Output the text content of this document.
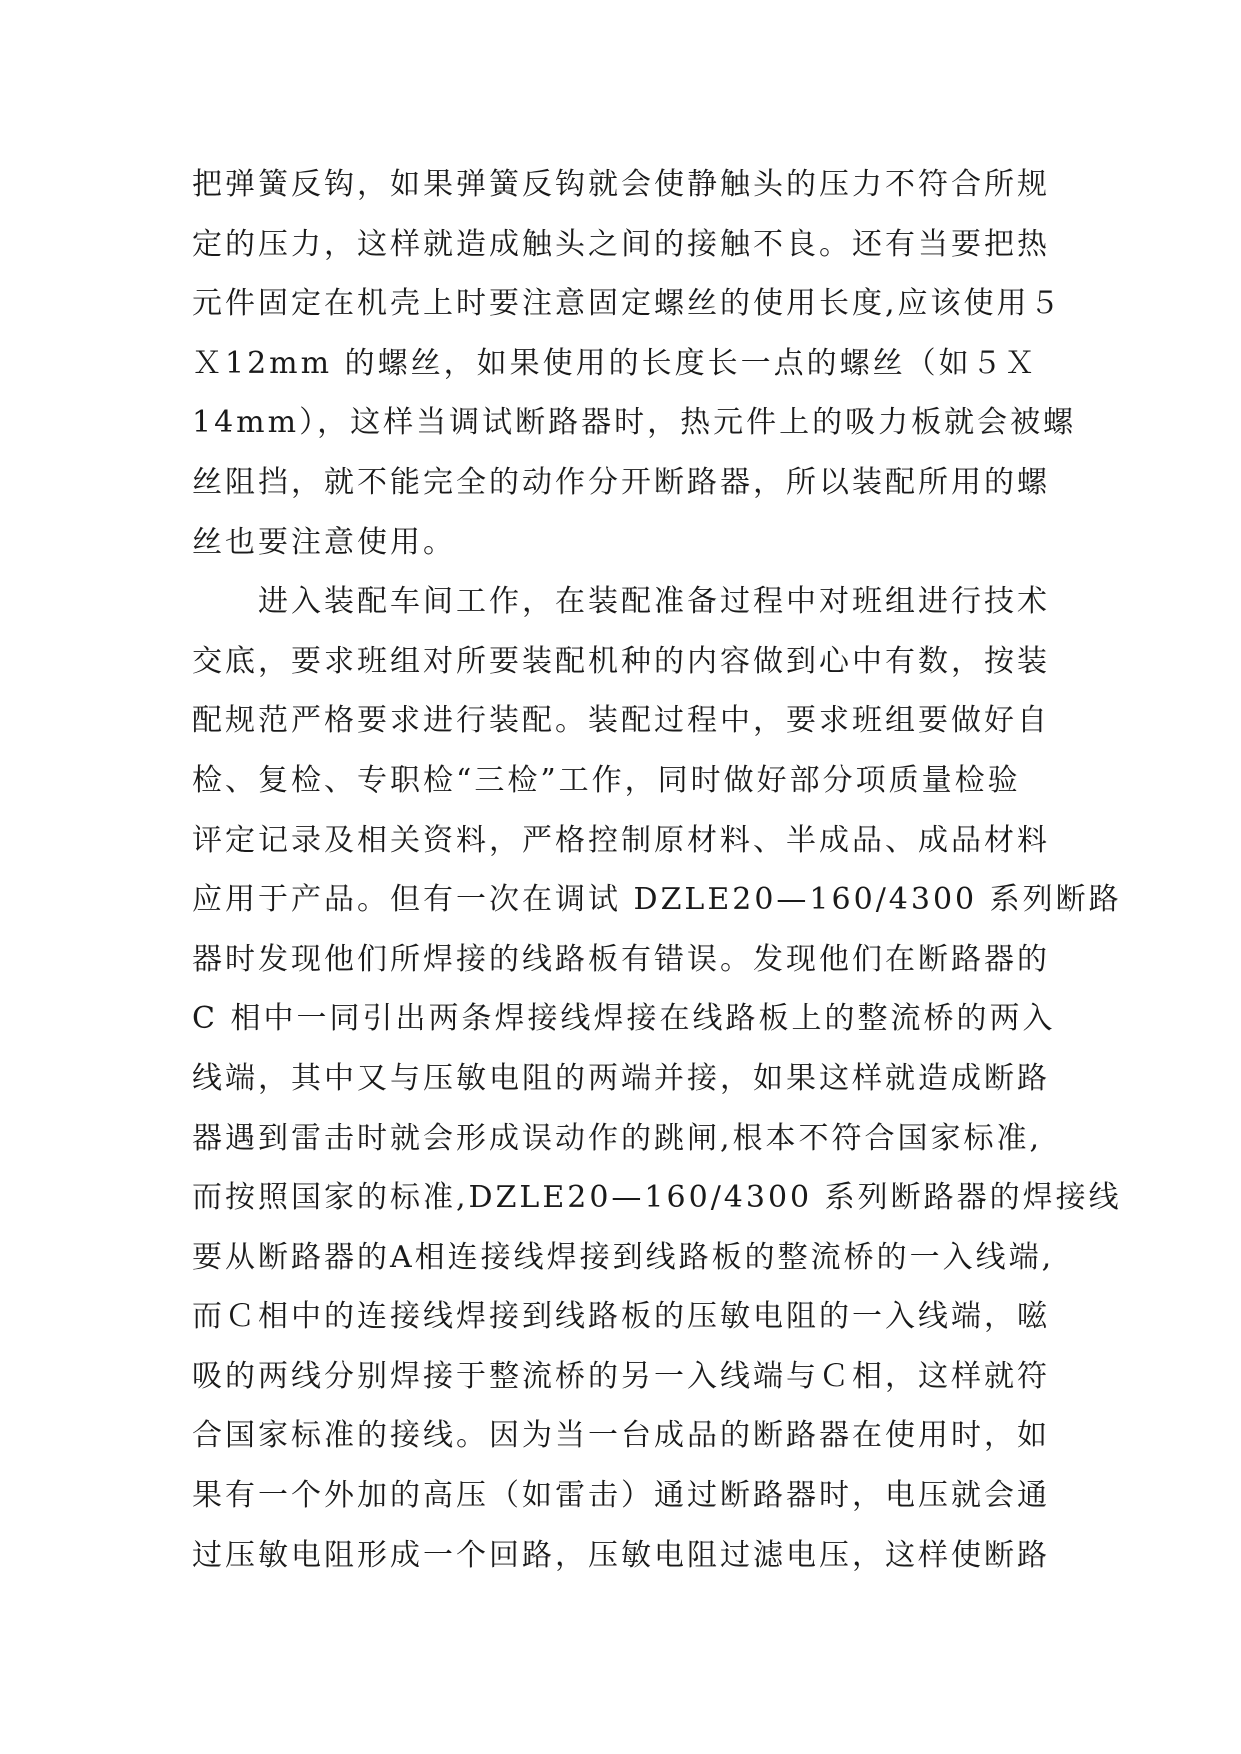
把弹簧反钩，如果弹簧反钩就会使静触头的压力不符合所规
定的压力，这样就造成触头之间的接触不良。还有当要把热
元件固定在机壳上时要注意固定螺丝的使用长度,应该使用５
Ｘ12mm 的螺丝，如果使用的长度长一点的螺丝（如５Ｘ
14mm），这样当调试断路器时，热元件上的吸力板就会被螺
丝阻挡，就不能完全的动作分开断路器，所以装配所用的螺
丝也要注意使用。
进入装配车间工作，在装配准备过程中对班组进行技术
交底，要求班组对所要装配机种的内容做到心中有数，按装
配规范严格要求进行装配。装配过程中，要求班组要做好自
检、复检、专职检“三检”工作，同时做好部分项质量检验
评定记录及相关资料，严格控制原材料、半成品、成品材料
应用于产品。但有一次在调试 DZLE20—160/4300 系列断路
器时发现他们所焊接的线路板有错误。发现他们在断路器的
C 相中一同引出两条焊接线焊接在线路板上的整流桥的两入
线端，其中又与压敏电阻的两端并接，如果这样就造成断路
器遇到雷击时就会形成误动作的跳闸,根本不符合国家标准,
而按照国家的标准,DZLE20—160/4300 系列断路器的焊接线
要从断路器的A相连接线焊接到线路板的整流桥的一入线端,
而Ｃ相中的连接线焊接到线路板的压敏电阻的一入线端，嗞
吸的两线分别焊接于整流桥的另一入线端与Ｃ相，这样就符
合国家标准的接线。因为当一台成品的断路器在使用时，如
果有一个外加的高压（如雷击）通过断路器时，电压就会通
过压敏电阻形成一个回路，压敏电阻过滤电压，这样使断路
